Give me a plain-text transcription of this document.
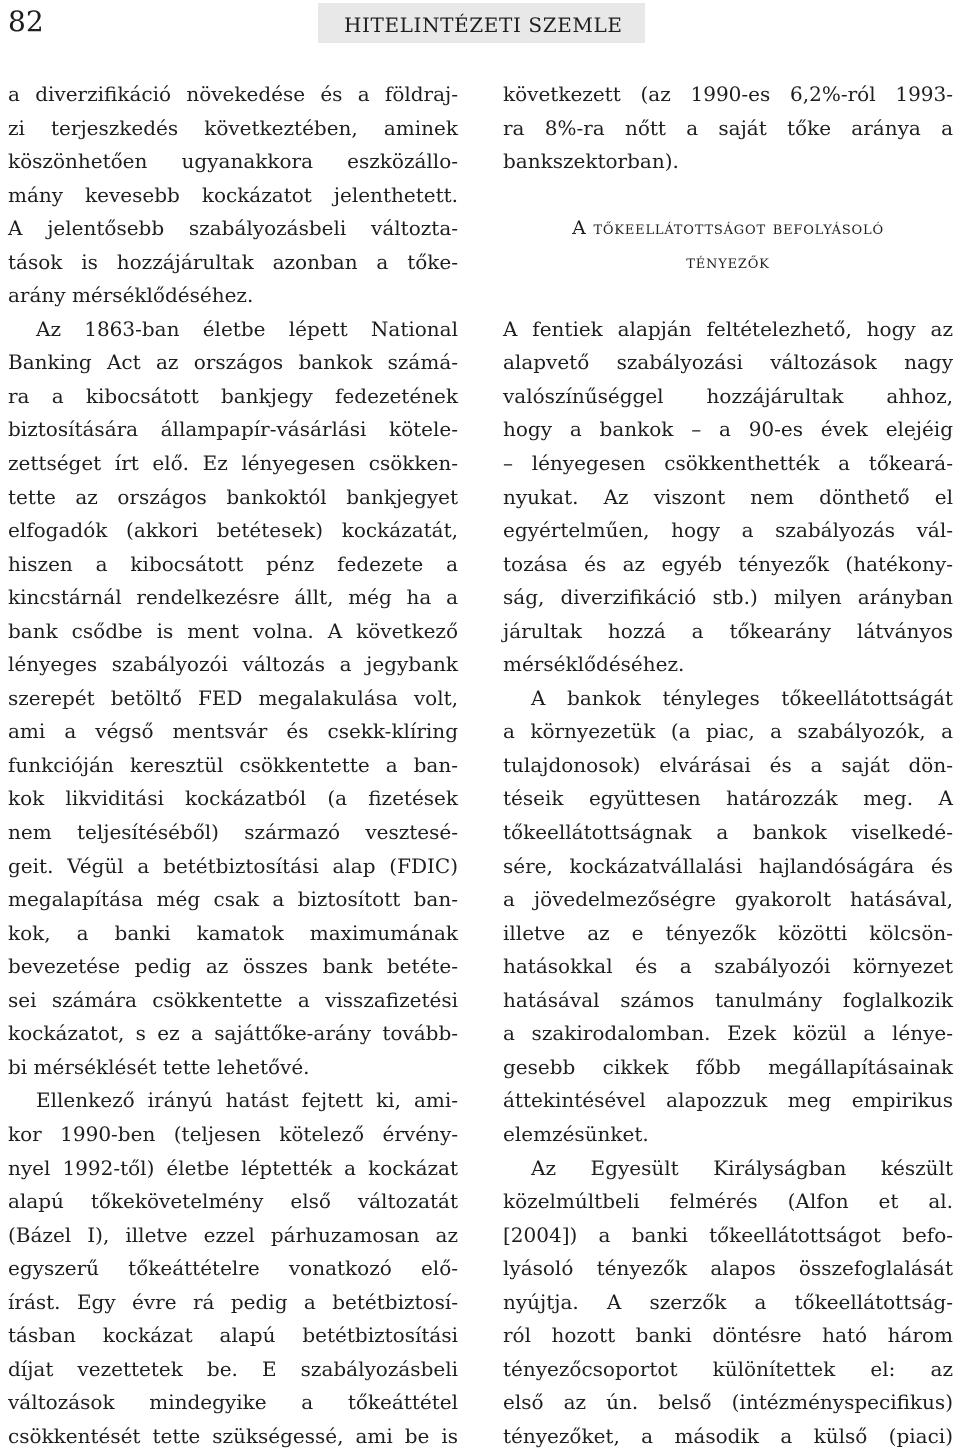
82	HITELINTÉZETI SZEMLE
a diverzifikáció növekedése és a földraj-
zi terjeszkedés következtében, aminek
köszönhetően ugyanakkora eszközállo-
mány kevesebb kockázatot jelenthetett.
A jelentősebb szabályozásbeli változta-
tások is hozzájárultak azonban a tőke-
arány mérséklődéséhez.
Az 1863-ban életbe lépett National
Banking Act az országos bankok számá-
ra a kibocsátott bankjegy fedezetének
biztosítására állampapír-vásárlási kötele-
zettséget írt elő. Ez lényegesen csökken-
tette az országos bankoktól bankjegyet
elfogadók (akkori betétesek) kockázatát,
hiszen a kibocsátott pénz fedezete a
kincstárnál rendelkezésre állt, még ha a
bank csődbe is ment volna. A következő
lényeges szabályozói változás a jegybank
szerepét betöltő FED megalakulása volt,
ami a végső mentsvár és csekk-klíring
funkcióján keresztül csökkentette a ban-
kok likviditási kockázatból (a fizetések
nem teljesítéséből) származó vesztesé-
geit. Végül a betétbiztosítási alap (FDIC)
megalapítása még csak a biztosított ban-
kok, a banki kamatok maximumának
bevezetése pedig az összes bank betéte-
sei számára csökkentette a visszafizetési
kockázatot, s ez a sajáttőke-arány tovább-
bi mérséklését tette lehetővé.
Ellenkező irányú hatást fejtett ki, ami-
kor 1990-ben (teljesen kötelező érvény-
nyel 1992-től) életbe léptették a kockázat
alapú tőkekövetelmény első változatát
(Bázel I), illetve ezzel párhuzamosan az
egyszerű tőkeáttételre vonatkozó elő-
írást. Egy évre rá pedig a betétbiztosí-
tásban kockázat alapú betétbiztosítási
díjat vezettetek be. E szabályozásbeli
változások mindegyike a tőkeáttétel
csökkentését tette szükségessé, ami be is
következett (az 1990-es 6,2%-ról 1993-
ra 8%-ra nőtt a saját tőke aránya a
bankszektorban).
A tőkeellátottságot befolyásoló
tényezők
A fentiek alapján feltételezhető, hogy az
alapvető szabályozási változások nagy
valószínűséggel hozzájárultak ahhoz,
hogy a bankok – a 90-es évek elejéig
– lényegesen csökkenthették a tőkeará-
nyukat. Az viszont nem dönthető el
egyértelműen, hogy a szabályozás vál-
tozása és az egyéb tényezők (hatékony-
ság, diverzifikáció stb.) milyen arányban
járultak hozzá a tőkearány látványos
mérséklődéséhez.
A bankok tényleges tőkeellátottságát
a környezetük (a piac, a szabályozók, a
tulajdonosok) elvárásai és a saját dön-
téseik együttesen határozzák meg. A
tőkeellátottságnak a bankok viselkedé-
sére, kockázatvállalási hajlandóságára és
a jövedelmezőségre gyakorolt hatásával,
illetve az e tényezők közötti kölcsön-
hatásokkal és a szabályozói környezet
hatásával számos tanulmány foglalkozik
a szakirodalomban. Ezek közül a lénye-
gesebb cikkek főbb megállapításainak
áttekintésével alapozzuk meg empirikus
elemzésünket.
Az Egyesült Királyságban készült
közelmúltbeli felmérés (Alfon et al.
[2004]) a banki tőkeellátottságot befo-
lyásoló tényezők alapos összefoglalását
nyújtja. A szerzők a tőkeellátottság-
ról hozott banki döntésre ható három
tényezőcsoportot különítettek el: az
első az ún. belső (intézményspecifikus)
tényezőket, a második a külső (piaci)
